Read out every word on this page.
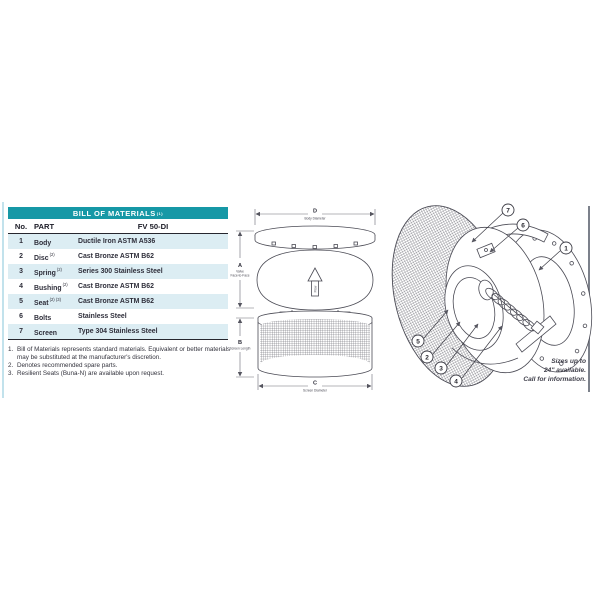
BILL OF MATERIALS (1)
No. PART	FV 50-DI
1	Body	Ductile Iron ASTM A536
2	Disc$^{(2)}$	Cast Bronze ASTM B62
3	Spring$^{(2)}$	Series 300 Stainless Steel
4	Bushing$^{(2)}$	Cast Bronze ASTM B62
5	Seat$^{(2) (3)}$	Cast Bronze ASTM B62
6	Bolts	Stainless Steel
7	Screen	Type 304 Stainless Steel
1. Bill of Materials represents standard materials. Equivalent or better materials may be substituted at the manufacturer's discretion.
2. Denotes recommended spare parts.
3. Resilient Seats (Buna-N) are available upon request.
D
Body Diameter
Flow
A
Valve
Face-to-Face
B
Screen Length
C
Screen Diameter
7
6
1
5
2
3
4
Sizes up to
24" available.
Call for information.
